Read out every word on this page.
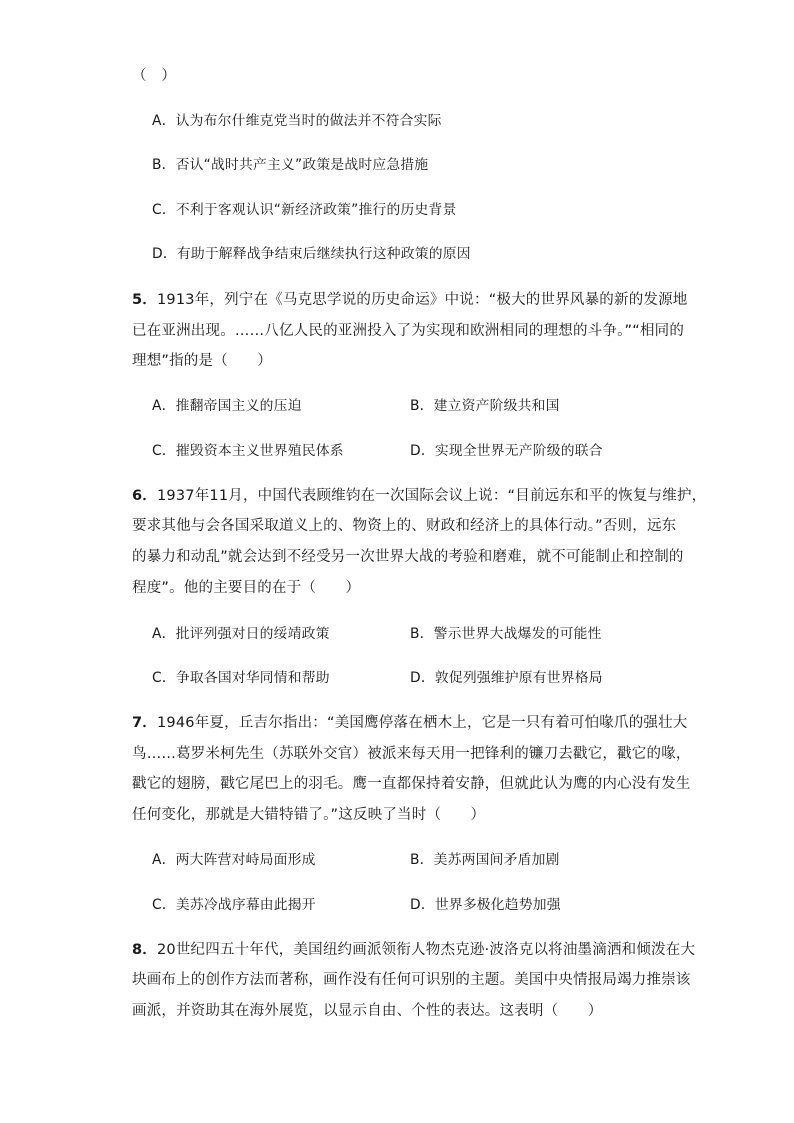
（　）
A．认为布尔什维克党当时的做法并不符合实际
B．否认“战时共产主义”政策是战时应急措施
C．不利于客观认识“新经济政策”推行的历史背景
D．有助于解释战争结束后继续执行这种政策的原因
5．1913年，列宁在《马克思学说的历史命运》中说：“极大的世界风暴的新的发源地
已在亚洲出现。……八亿人民的亚洲投入了为实现和欧洲相同的理想的斗争。”“相同的
理想”指的是（　　）
A．推翻帝国主义的压迫	B．建立资产阶级共和国
C．摧毁资本主义世界殖民体系	D．实现全世界无产阶级的联合
6．1937年11月，中国代表顾维钧在一次国际会议上说：“目前远东和平的恢复与维护，
要求其他与会各国采取道义上的、物资上的、财政和经济上的具体行动。”否则，远东
的暴力和动乱”就会达到不经受另一次世界大战的考验和磨难，就不可能制止和控制的
程度”。他的主要目的在于（　　）
A．批评列强对日的绥靖政策	B．警示世界大战爆发的可能性
C．争取各国对华同情和帮助	D．敦促列强维护原有世界格局
7．1946年夏，丘吉尔指出：“美国鹰停落在栖木上，它是一只有着可怕喙爪的强壮大
鸟……葛罗米柯先生（苏联外交官）被派来每天用一把锋利的镰刀去戳它，戳它的喙，
戳它的翅膀，戳它尾巴上的羽毛。鹰一直都保持着安静，但就此认为鹰的内心没有发生
任何变化，那就是大错特错了。”这反映了当时（　　）
A．两大阵营对峙局面形成	B．美苏两国间矛盾加剧
C．美苏冷战序幕由此揭开	D．世界多极化趋势加强
8．20世纪四五十年代，美国纽约画派领衔人物杰克逊·波洛克以将油墨滴洒和倾泼在大
块画布上的创作方法而著称，画作没有任何可识别的主题。美国中央情报局竭力推崇该
画派，并资助其在海外展览，以显示自由、个性的表达。这表明（　　）
